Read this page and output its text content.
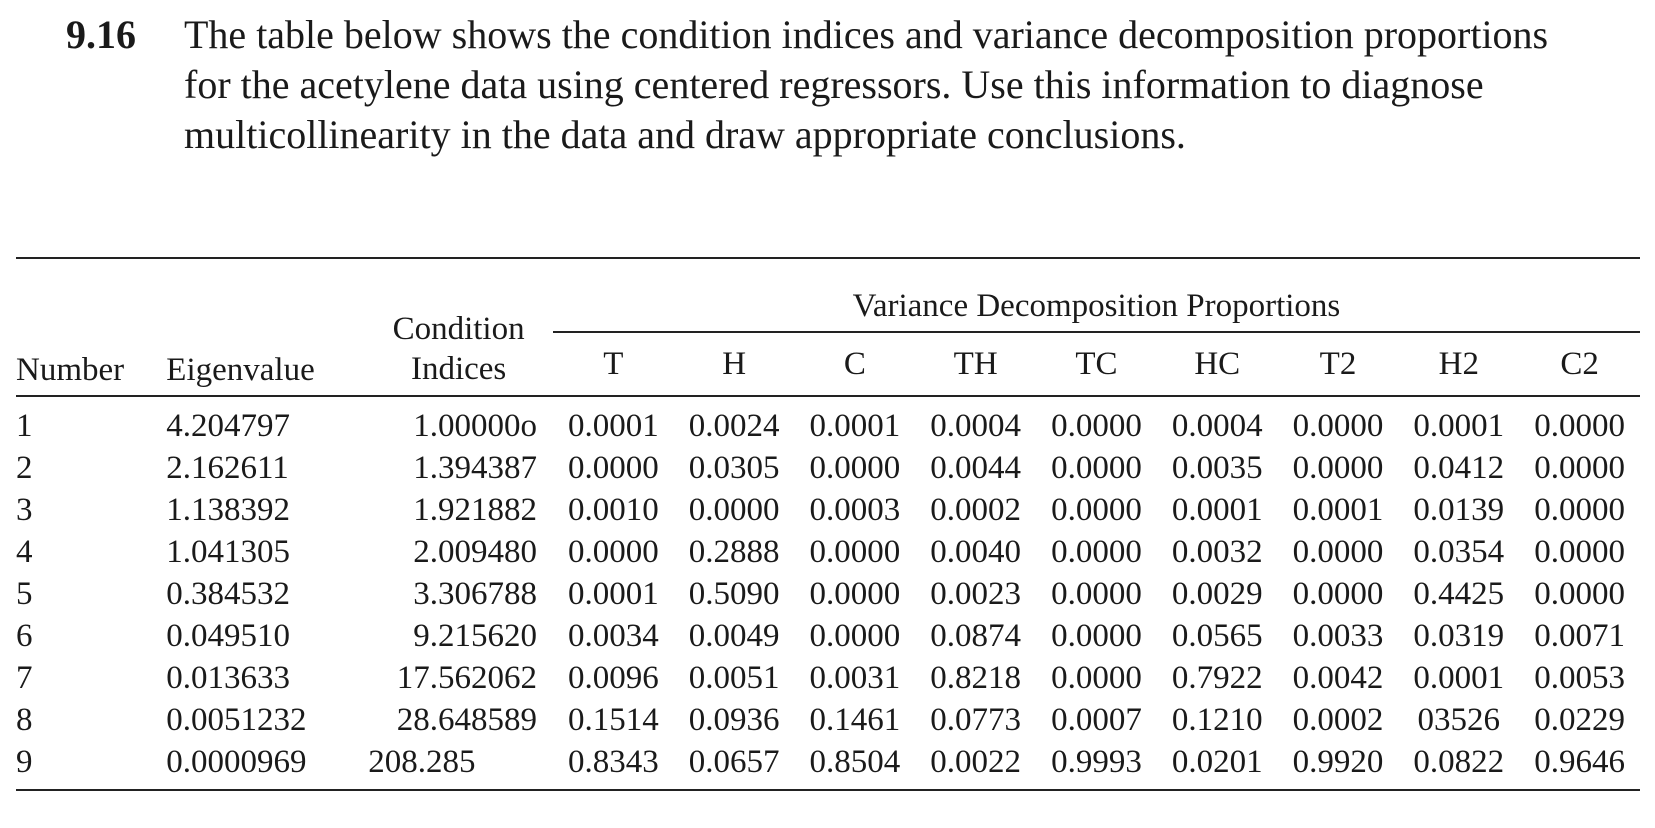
9.16	The table below shows the condition indices and variance decomposition proportions for the acetylene data using centered regressors. Use this information to diagnose multicollinearity in the data and draw appropriate conclusions.
Number	Eigenvalue	Condition
Indices	Variance Decomposition Proportions								
			T	H	C	TH	TC	HC	T2	H2	C2
1	4.204797	1.00000o	0.0001	0.0024	0.0001	0.0004	0.0000	0.0004	0.0000	0.0001	0.0000
2	2.162611	1.394387	0.0000	0.0305	0.0000	0.0044	0.0000	0.0035	0.0000	0.0412	0.0000
3	1.138392	1.921882	0.0010	0.0000	0.0003	0.0002	0.0000	0.0001	0.0001	0.0139	0.0000
4	1.041305	2.009480	0.0000	0.2888	0.0000	0.0040	0.0000	0.0032	0.0000	0.0354	0.0000
5	0.384532	3.306788	0.0001	0.5090	0.0000	0.0023	0.0000	0.0029	0.0000	0.4425	0.0000
6	0.049510	9.215620	0.0034	0.0049	0.0000	0.0874	0.0000	0.0565	0.0033	0.0319	0.0071
7	0.013633	17.562062	0.0096	0.0051	0.0031	0.8218	0.0000	0.7922	0.0042	0.0001	0.0053
8	0.0051232	28.648589	0.1514	0.0936	0.1461	0.0773	0.0007	0.1210	0.0002	03526	0.0229
9	0.0000969	208.285	0.8343	0.0657	0.8504	0.0022	0.9993	0.0201	0.9920	0.0822	0.9646
